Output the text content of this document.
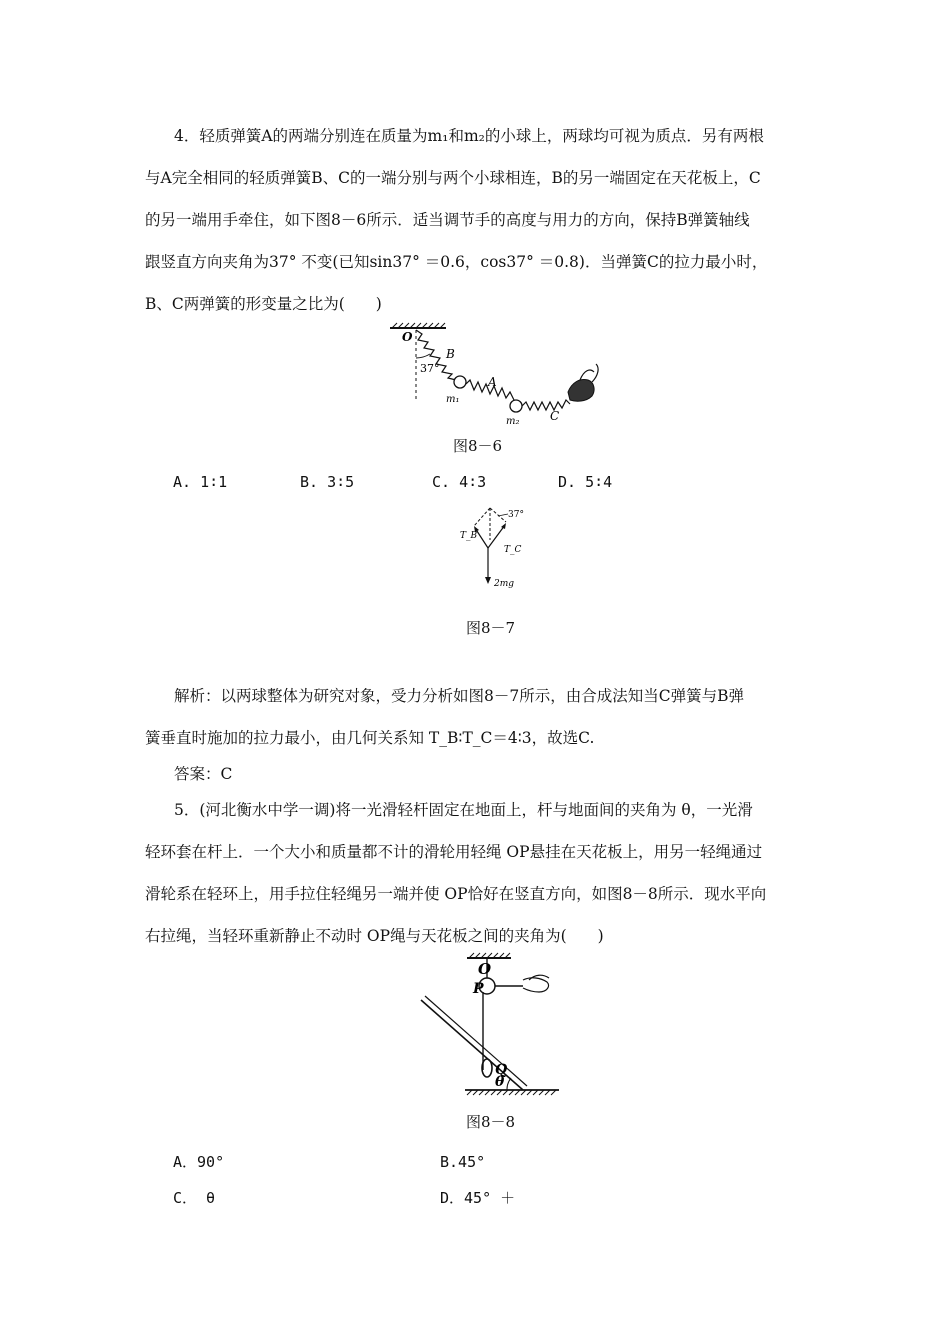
4．轻质弹簧A的两端分别连在质量为m₁和m₂的小球上，两球均可视为质点．另有两根
与A完全相同的轻质弹簧B、C的一端分别与两个小球相连，B的另一端固定在天花板上，C
的另一端用手牵住，如下图8－6所示．适当调节手的高度与用力的方向，保持B弹簧轴线
跟竖直方向夹角为37° 不变(已知sin37° ＝0.6，cos37° ＝0.8)．当弹簧C的拉力最小时，
B、C两弹簧的形变量之比为(　　)
O
B
37°
m₁
A
m₂	C
图8－6
A. 1∶1	B. 3∶5	C. 4∶3	D. 5∶4
37°
T_B
T_C
2mg
图8－7
解析：以两球整体为研究对象，受力分析如图8－7所示，由合成法知当C弹簧与B弹
簧垂直时施加的拉力最小，由几何关系知 T_B∶T_C＝4∶3，故选C.
答案：C
5．(河北衡水中学一调)将一光滑轻杆固定在地面上，杆与地面间的夹角为 θ，一光滑
轻环套在杆上．一个大小和质量都不计的滑轮用轻绳 OP悬挂在天花板上，用另一轻绳通过
滑轮系在轻环上，用手拉住轻绳另一端并使 OP恰好在竖直方向，如图8－8所示．现水平向
右拉绳，当轻环重新静止不动时 OP绳与天花板之间的夹角为(　　)
O
P
Q
θ
图8－8
A．90°	B.45°
C． θ	D．45° ＋
